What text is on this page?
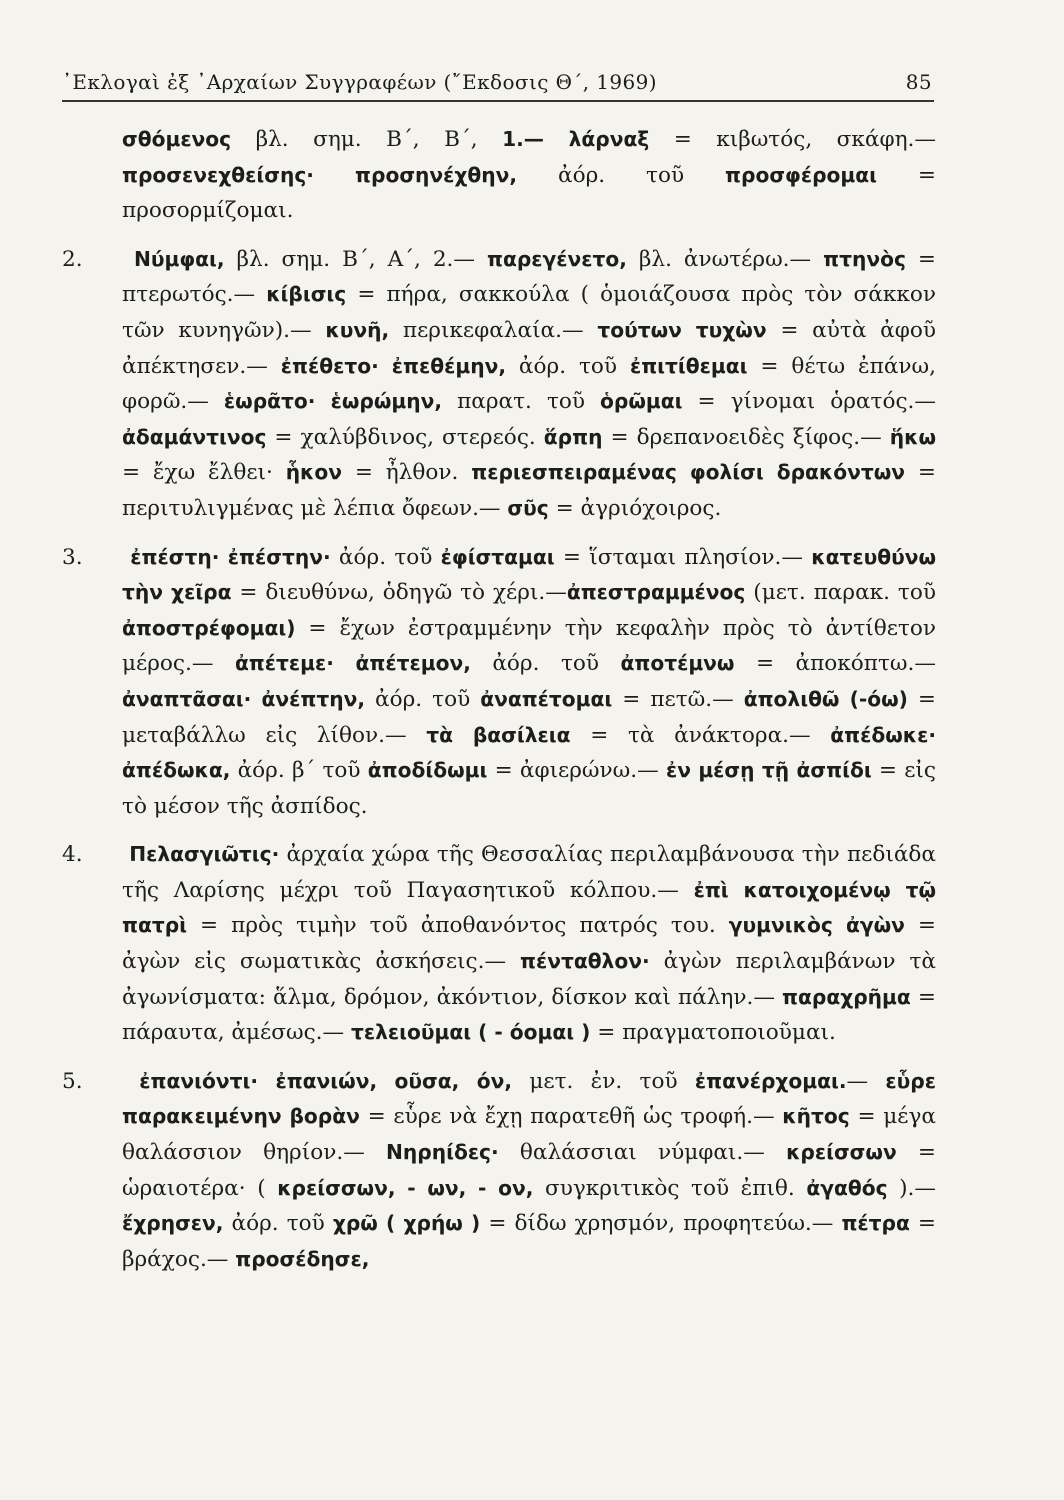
᾽Εκλογαὶ ἐξ ᾽Αρχαίων Συγγραφέων (῎Εκδοσις Θ΄, 1969)	85

σθόμενος βλ. σημ. Β΄, Β΄, 1.— λάρναξ = κιβωτός, σκάφη.— προσενεχθείσης· προσηνέχθην, ἀόρ. τοῦ προσφέρομαι = προσορμίζομαι.

2.	Νύμφαι, βλ. σημ. Β΄, Α΄, 2.— παρεγένετο, βλ. ἀνωτέρω.— πτηνὸς = πτερωτός.— κίβισις = πήρα, σακκούλα ( ὁμοιάζουσα πρὸς τὸν σάκκον τῶν κυνηγῶν).— κυνῆ, περικεφαλαία.— τούτων τυχὼν = αὐτὰ ἀφοῦ ἀπέκτησεν.— ἐπέθετο· ἐπεθέμην, ἀόρ. τοῦ ἐπιτίθεμαι = θέτω ἐπάνω, φορῶ.— ἑωρᾶτο· ἑωρώμην, παρατ. τοῦ ὁρῶμαι = γίνομαι ὁρατός.— ἀδαμάντινος = χαλύβδινος, στερεός. ἅρπη = δρεπανοειδὲς ξίφος.— ἥκω = ἔχω ἔλθει· ἧκον = ἦλθον. περιεσπειραμένας φολίσι δρακόντων = περιτυλιγμένας μὲ λέπια ὄφεων.— σῦς = ἀγριόχοιρος.

3. ἐπέστη· ἐπέστην· ἀόρ. τοῦ ἐφίσταμαι = ἵσταμαι πλησίον.— κατευθύνω τὴν χεῖρα = διευθύνω, ὁδηγῶ τὸ χέρι.—ἀπεστραμμένος (μετ. παρακ. τοῦ ἀποστρέφομαι) = ἔχων ἐστραμμένην τὴν κεφαλὴν πρὸς τὸ ἀντίθετον μέρος.— ἀπέτεμε· ἀπέτεμον, ἀόρ. τοῦ ἀποτέμνω = ἀποκόπτω.— ἀναπτᾶσαι· ἀνέπτην, ἀόρ. τοῦ ἀναπέτομαι = πετῶ.— ἀπολιθῶ (-όω) = μεταβάλλω εἰς λίθον.— τὰ βασίλεια = τὰ ἀνάκτορα.— ἀπέδωκε· ἀπέδωκα, ἀόρ. β΄ τοῦ ἀποδίδωμι = ἀφιερώνω.— ἐν μέσῃ τῇ ἀσπίδι = εἰς τὸ μέσον τῆς ἀσπίδος.

4. Πελασγιῶτις· ἀρχαία χώρα τῆς Θεσσαλίας περιλαμβάνουσα τὴν πεδιάδα τῆς Λαρίσης μέχρι τοῦ Παγασητικοῦ κόλπου.— ἐπὶ κατοιχομένῳ τῷ πατρὶ = πρὸς τιμὴν τοῦ ἀποθανόντος πατρός του. γυμνικὸς ἀγὼν = ἀγὼν εἰς σωματικὰς ἀσκήσεις.— πένταθλον· ἀγὼν περιλαμβάνων τὰ ἀγωνίσματα: ἅλμα, δρόμον, ἀκόντιον, δίσκον καὶ πάλην.— παραχρῆμα = πάραυτα, ἀμέσως.— τελειοῦμαι ( - όομαι ) = πραγματοποιοῦμαι.

5.	ἐπανιόντι· ἐπανιών, οῦσα, όν, μετ. ἐν. τοῦ ἐπανέρχομαι.— εὗρε παρακειμένην βορὰν = εὗρε νὰ ἔχῃ παρατεθῆ ὡς τροφή.— κῆτος = μέγα θαλάσσιον θηρίον.— Νηρηίδες· θαλάσσιαι νύμφαι.— κρείσσων = ὡραιοτέρα· ( κρείσσων, - ων, - ον, συγκριτικὸς τοῦ ἐπιθ. ἀγαθός ).— ἔχρησεν, ἀόρ. τοῦ χρῶ ( χρήω ) = δίδω χρησμόν, προφητεύω.— πέτρα = βράχος.— προσέδησε,
